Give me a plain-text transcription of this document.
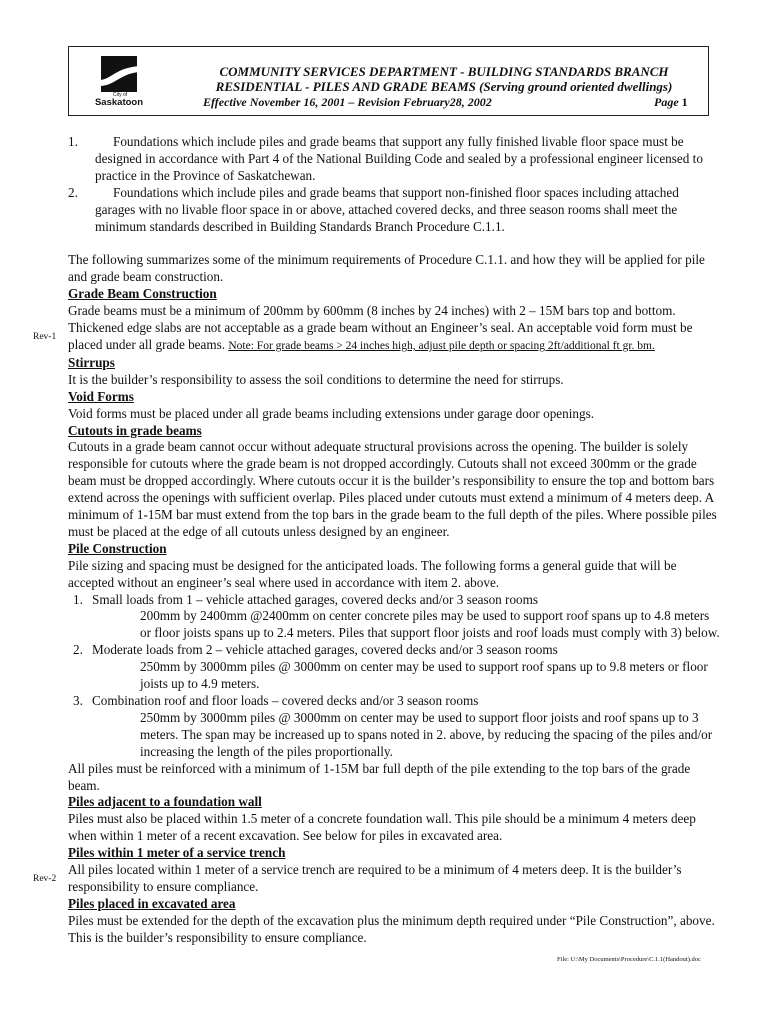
City of
Saskatoon
COMMUNITY SERVICES DEPARTMENT - BUILDING STANDARDS BRANCH
RESIDENTIAL - PILES AND GRADE BEAMS (Serving ground oriented dwellings)
Effective November 16, 2001 – Revision February28, 2002	Page 1
Rev-1
Rev-2
1.	Foundations which include piles and grade beams that support any fully finished livable floor space must be designed in accordance with Part 4 of the National Building Code and sealed by a professional engineer licensed to practice in the Province of Saskatchewan.
2.	Foundations which include piles and grade beams that support non-finished floor spaces including attached garages with no livable floor space in or above, attached covered decks, and three season rooms shall meet the minimum standards described in Building Standards Branch Procedure C.1.1.

The following summarizes some of the minimum requirements of Procedure C.1.1. and how they will be applied for pile and grade beam construction.

Grade Beam Construction

Grade beams must be a minimum of 200mm by 600mm (8 inches by 24 inches) with 2 – 15M bars top and bottom. Thickened edge slabs are not acceptable as a grade beam without an Engineer’s seal. An acceptable void form must be placed under all grade beams. Note: For grade beams > 24 inches high, adjust pile depth or spacing 2ft/additional ft gr. bm.

Stirrups

It is the builder’s responsibility to assess the soil conditions to determine the need for stirrups.

Void Forms

Void forms must be placed under all grade beams including extensions under garage door openings.

Cutouts in grade beams

Cutouts in a grade beam cannot occur without adequate structural provisions across the opening. The builder is solely responsible for cutouts where the grade beam is not dropped accordingly. Cutouts shall not exceed 300mm or the grade beam must be dropped accordingly. Where cutouts occur it is the builder’s responsibility to ensure the top and bottom bars extend across the openings with sufficient overlap. Piles placed under cutouts must extend a minimum of 4 meters deep. A minimum of 1-15M bar must extend from the top bars in the grade beam to the full depth of the piles. Where possible piles must be placed at the edge of all cutouts unless designed by an engineer.

Pile Construction

Pile sizing and spacing must be designed for the anticipated loads. The following forms a general guide that will be accepted without an engineer’s seal where used in accordance with item 2. above.

1. Small loads from 1 – vehicle attached garages, covered decks and/or 3 season rooms

200mm by 2400mm @2400mm on center concrete piles may be used to support roof spans up to 4.8 meters or floor joists spans up to 2.4 meters. Piles that support floor joists and roof loads must comply with 3) below.

2. Moderate loads from 2 – vehicle attached garages, covered decks and/or 3 season rooms

250mm by 3000mm piles @ 3000mm on center may be used to support roof spans up to 9.8 meters or floor joists up to 4.9 meters.

3. Combination roof and floor loads – covered decks and/or 3 season rooms

250mm by 3000mm piles @ 3000mm on center may be used to support floor joists and roof spans up to 3 meters. The span may be increased up to spans noted in 2. above, by reducing the spacing of the piles and/or increasing the length of the piles proportionally.

All piles must be reinforced with a minimum of 1-15M bar full depth of the pile extending to the top bars of the grade beam.

Piles adjacent to a foundation wall

Piles must also be placed within 1.5 meter of a concrete foundation wall. This pile should be a minimum 4 meters deep when within 1 meter of a recent excavation. See below for piles in excavated area.

Piles within 1 meter of a service trench

All piles located within 1 meter of a service trench are required to be a minimum of 4 meters deep. It is the builder’s responsibility to ensure compliance.

Piles placed in excavated area

Piles must be extended for the depth of the excavation plus the minimum depth required under “Pile Construction”, above. This is the builder’s responsibility to ensure compliance.

File: U:\My Documents\Procedure\C.1.1(Handout).doc
